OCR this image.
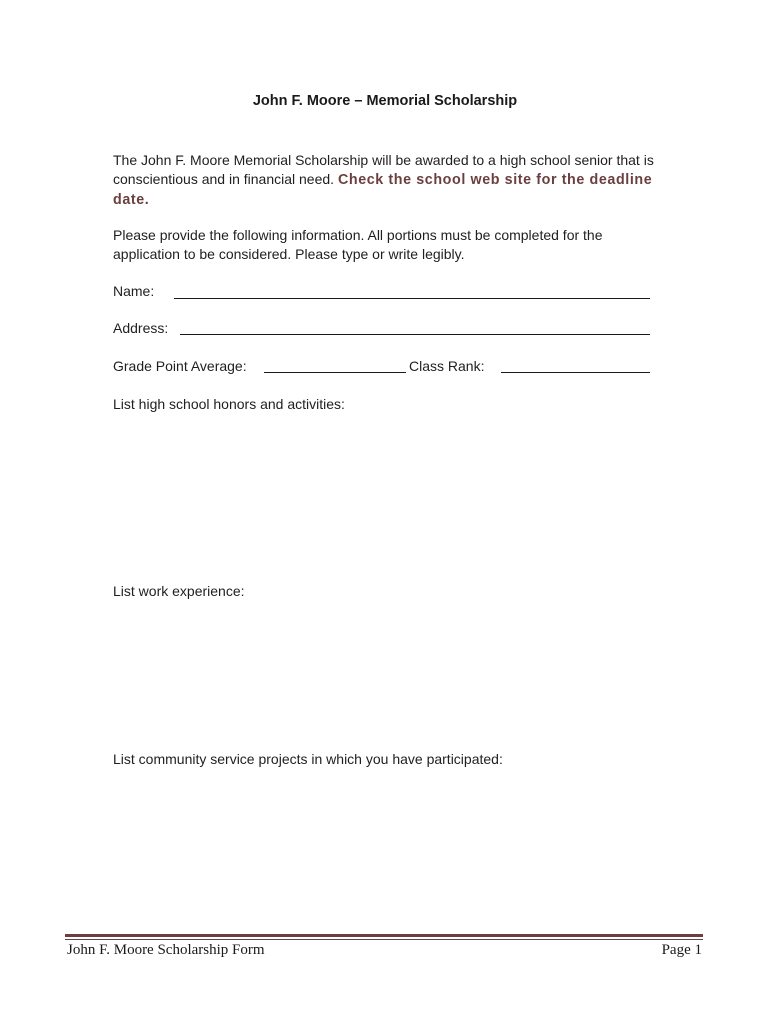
John F. Moore – Memorial Scholarship
The John F. Moore Memorial Scholarship will be awarded to a high school senior that is conscientious and in financial need. Check the school web site for the deadline date.
Please provide the following information. All portions must be completed for the application to be considered. Please type or write legibly.
Name:
Address:
Grade Point Average:	Class Rank:
List high school honors and activities:
List work experience:
List community service projects in which you have participated:
John F. Moore Scholarship Form	Page 1
